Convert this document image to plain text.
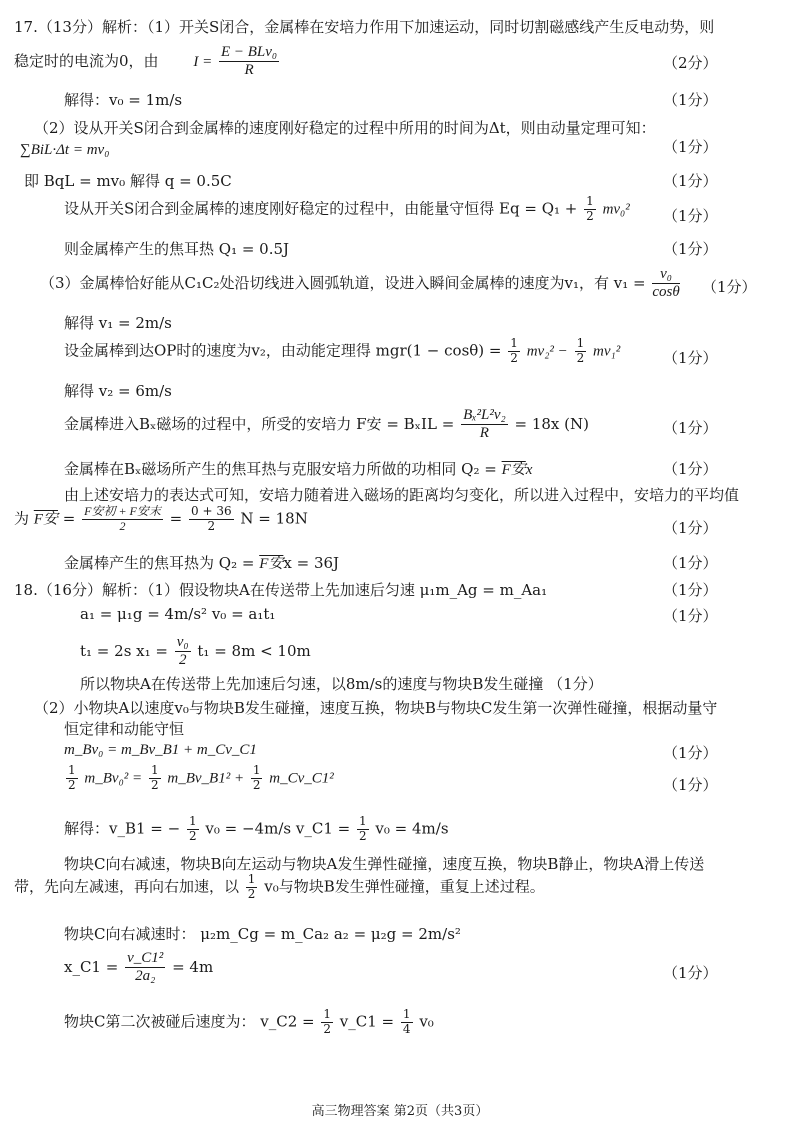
17.（13分）解析：（1）开关S闭合，金属棒在安培力作用下加速运动，同时切割磁感线产生反电动势，则
稳定时的电流为0，由 $I = \frac{\text{E − BLv₀}}{R}$	（2分）
解得：v₀ = 1m/s	（1分）
（2）设从开关S闭合到金属棒的速度刚好稳定的过程中所用的时间为Δt，则由动量定理可知：
∑BiL·Δt = mv₀	（1分）
即 BqL = mv₀ 解得 q = 0.5C	（1分）
设从开关S闭合到金属棒的速度刚好稳定的过程中，由能量守恒得 $Eq = Q_1 + \frac{1}{2} mv_0^2$ （1分）
则金属棒产生的焦耳热 Q₁ = 0.5J	（1分）
（3）金属棒恰好能从C₁C₂处沿切线进入圆弧轨道，设进入瞬间金属棒的速度为v₁，有 $v_1 = \frac{\text{v₀}}{\cos\theta} (1$分）
解得 v₁ = 2m/s
设金属棒到达OP时的速度为v₂，由动能定理得 $mgr(1 - \cos\theta) = \frac{1}{2} mv_2^2 - \frac{1}{2} mv_1^2$	（1分）
解得 v₂ = 6m/s
金属棒进入Bₓ磁场的过程中，所受的安培力 F安 = $B_xIL = \frac{\text{Bₓ²L²v₂}}{R} = 18x$ (N)	（1分）
金属棒在Bₓ磁场所产生的焦耳热与克服安培力所做的功相同 Q₂ = F安x	（1分）
由上述安培力的表达式可知，安培力随着进入磁场的距离均匀变化，所以进入过程中，安培力的平均值
为 F安 = $\frac{\text{F安初 + F安末}}{2} = \frac{0 + 36}{2}$ N = 18N
（1分）
金属棒产生的焦耳热为 Q₂ = F安x = 36J	（1分）
18.（16分）解析：（1）假设物块A在传送带上先加速后匀速 μ₁m_Ag = m_Aa₁	（1分）
a₁ = μ₁g = 4m/s² v₀ = a₁t₁	（1分）
t₁ = 2s $x_1 = \frac{\text{v₀}}{2} t_1 = 8m < 10m$
所以物块A在传送带上先加速后匀速，以8m/s的速度与物块B发生碰撞 （1分）
（2）小物块A以速度v₀与物块B发生碰撞，速度互换，物块B与物块C发生第一次弹性碰撞，根据动量守
恒定律和动能守恒
m_Bv₀ = m_Bv_B1 + m_Cv_C1	（1分）
$\frac{1}{2}$ m_Bv₀² = $\frac{1}{2}$ m_Bv_B1² + $\frac{1}{2}$ m_Cv_C1²	（1分）
解得：v_B1 = − $\frac{1}{2} v_0 = -4m/s$ v_C1 = $\frac{1}{2} v_0 = 4m/s$
物块C向右减速，物块B向左运动与物块A发生弹性碰撞，速度互换，物块B静止，物块A滑上传送
带，先向左减速，再向右加速，以 $\frac{1}{2} v_0$与物块B发生弹性碰撞，重复上述过程。
物块C向右减速时： μ₂m_Cg = m_Ca₂ a₂ = μ₂g = 2m/s²
x_C1 = $\frac{\text{v\_C1²}}{\text{2a₂}} = 4m$	（1分）
物块C第二次被碰后速度为： v_C2 = $\frac{1}{2}$ v_C1 = $\frac{1}{4} v_0$
高三物理答案 第2页（共3页）
